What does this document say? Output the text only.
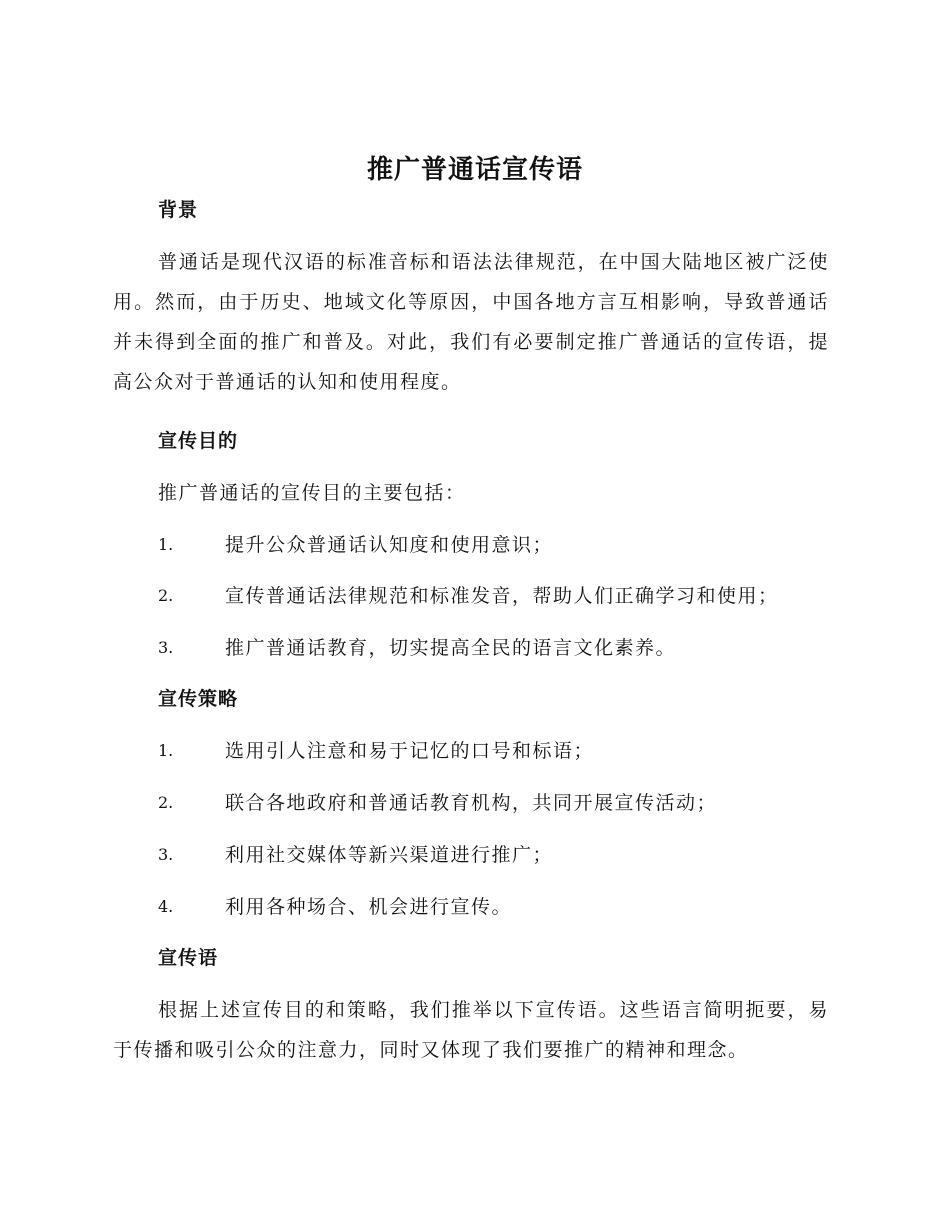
推广普通话宣传语
背景

普通话是现代汉语的标准音标和语法法律规范，在中国大陆地区被广泛使用。然而，由于历史、地域文化等原因，中国各地方言互相影响，导致普通话并未得到全面的推广和普及。对此，我们有必要制定推广普通话的宣传语，提高公众对于普通话的认知和使用程度。

宣传目的
推广普通话的宣传目的主要包括：
1.	提升公众普通话认知度和使用意识；
2.	宣传普通话法律规范和标准发音，帮助人们正确学习和使用；
3.	推广普通话教育，切实提高全民的语言文化素养。
宣传策略
1.	选用引人注意和易于记忆的口号和标语；
2.	联合各地政府和普通话教育机构，共同开展宣传活动；
3.	利用社交媒体等新兴渠道进行推广；
4.	利用各种场合、机会进行宣传。
宣传语

根据上述宣传目的和策略，我们推举以下宣传语。这些语言简明扼要，易于传播和吸引公众的注意力，同时又体现了我们要推广的精神和理念。
